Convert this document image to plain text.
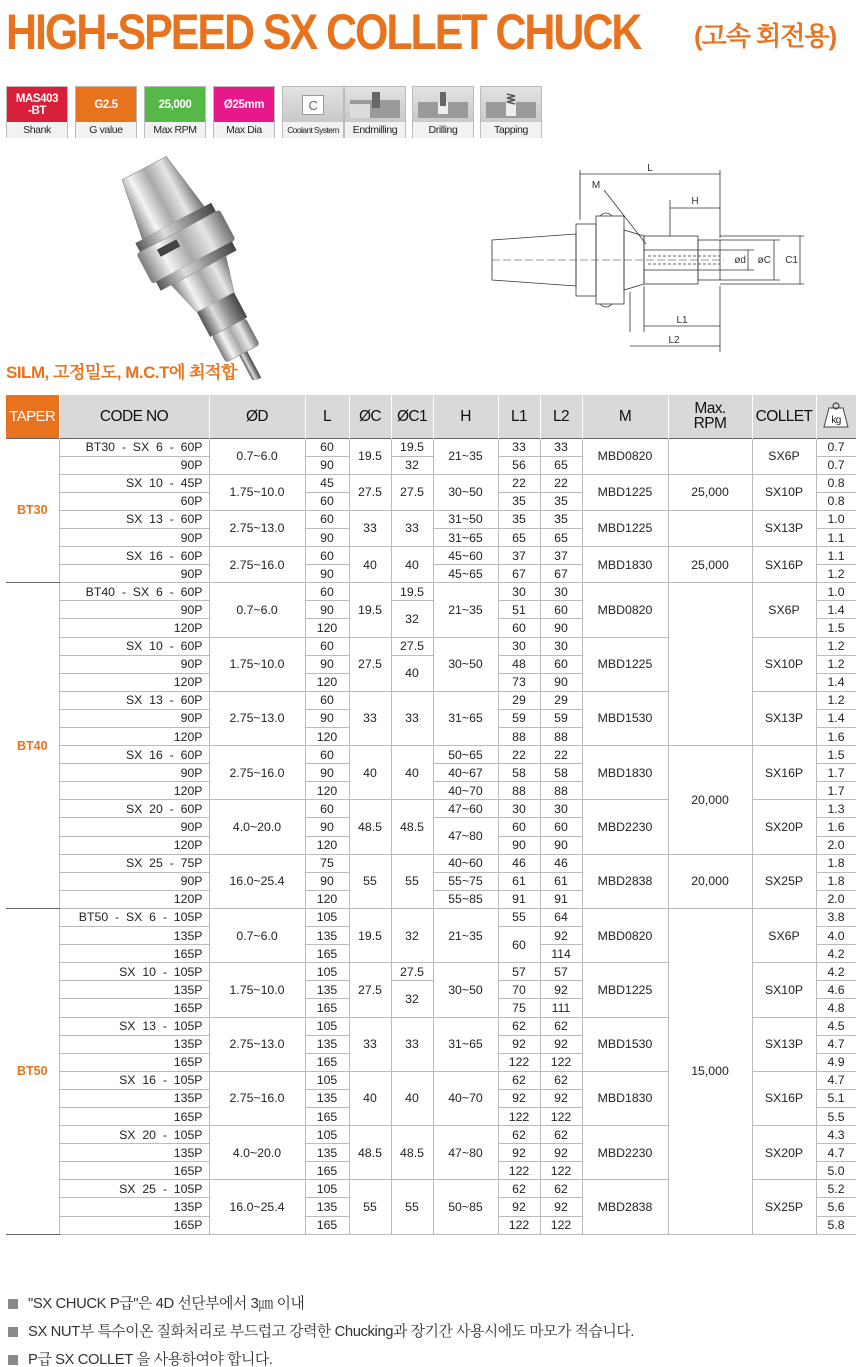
HIGH-SPEED SX COLLET CHUCK (고속 회전용)
MAS403
-BT
Shank
G2.5
G value
25,000
Max RPM
Ø25mm
Max Dia
C
Coolant System	Endmilling	Drilling	Tapping
L
H
M
ød øC C1
L1
L2
SILM, 고정밀도, M.C.T에 최적합
TAPER	CODE NO	ØD	L	ØC	ØC1	H	L1	L2	M	Max.
RPM	COLLET	kg

BT30	BT30  -  SX  6  -  60P	0.7~6.0	60	19.5	19.5	21~35	33	33	MBD0820		SX6P	0.7
	90P		90		32		56	65				0.7
	SX  10  -  45P	1.75~10.0	45	27.5	27.5	30~50	22	22	MBD1225	25,000	SX10P	0.8
	60P		60				35	35				0.8
	SX  13  -  60P	2.75~13.0	60	33	33	31~50	35	35	MBD1225		SX13P	1.0
	90P		90			31~65	65	65				1.1
	SX  16  -  60P	2.75~16.0	60	40	40	45~60	37	37	MBD1830	25,000	SX16P	1.1
	90P		90			45~65	67	67				1.2
BT40	BT40  -  SX  6  -  60P	0.7~6.0	60	19.5	19.5	21~35	30	30	MBD0820		SX6P	1.0
	90P		90		32		51	60				1.4
	120P		120				60	90				1.5
	SX  10  -  60P	1.75~10.0	60	27.5	27.5	30~50	30	30	MBD1225		SX10P	1.2
	90P		90		40		48	60				1.2
	120P		120				73	90				1.4
	SX  13  -  60P	2.75~13.0	60	33	33	31~65	29	29	MBD1530		SX13P	1.2
	90P		90				59	59				1.4
	120P		120				88	88				1.6
	SX  16  -  60P	2.75~16.0	60	40	40	50~65	22	22	MBD1830	20,000	SX16P	1.5
	90P		90			40~67	58	58				1.7
	120P		120			40~70	88	88				1.7
	SX  20  -  60P	4.0~20.0	60	48.5	48.5	47~60	30	30	MBD2230		SX20P	1.3
	90P		90			47~80	60	60				1.6
	120P		120				90	90				2.0
	SX  25  -  75P	16.0~25.4	75	55	55	40~60	46	46	MBD2838	20,000	SX25P	1.8
	90P		90			55~75	61	61				1.8
	120P		120			55~85	91	91				2.0
BT50	BT50  -  SX  6  -  105P	0.7~6.0	105	19.5	32	21~35	55	64	MBD0820	15,000	SX6P	3.8
	135P		135				60	92				4.0
	165P		165					114				4.2
	SX  10  -  105P	1.75~10.0	105	27.5	27.5	30~50	57	57	MBD1225		SX10P	4.2
	135P		135		32		70	92				4.6
	165P		165				75	111				4.8
	SX  13  -  105P	2.75~13.0	105	33	33	31~65	62	62	MBD1530		SX13P	4.5
	135P		135				92	92				4.7
	165P		165				122	122				4.9
	SX  16  -  105P	2.75~16.0	105	40	40	40~70	62	62	MBD1830		SX16P	4.7
	135P		135				92	92				5.1
	165P		165				122	122				5.5
	SX  20  -  105P	4.0~20.0	105	48.5	48.5	47~80	62	62	MBD2230		SX20P	4.3
	135P		135				92	92				4.7
	165P		165				122	122				5.0
	SX  25  -  105P	16.0~25.4	105	55	55	50~85	62	62	MBD2838		SX25P	5.2
	135P		135				92	92				5.6
	165P		165				122	122				5.8
"SX CHUCK P급"은 4D 선단부에서 3㎛ 이내
SX NUT부 특수이온 질화처리로 부드럽고 강력한 Chucking과 장기간 사용시에도 마모가 적습니다.
P급 SX COLLET 을 사용하여야 합니다.
